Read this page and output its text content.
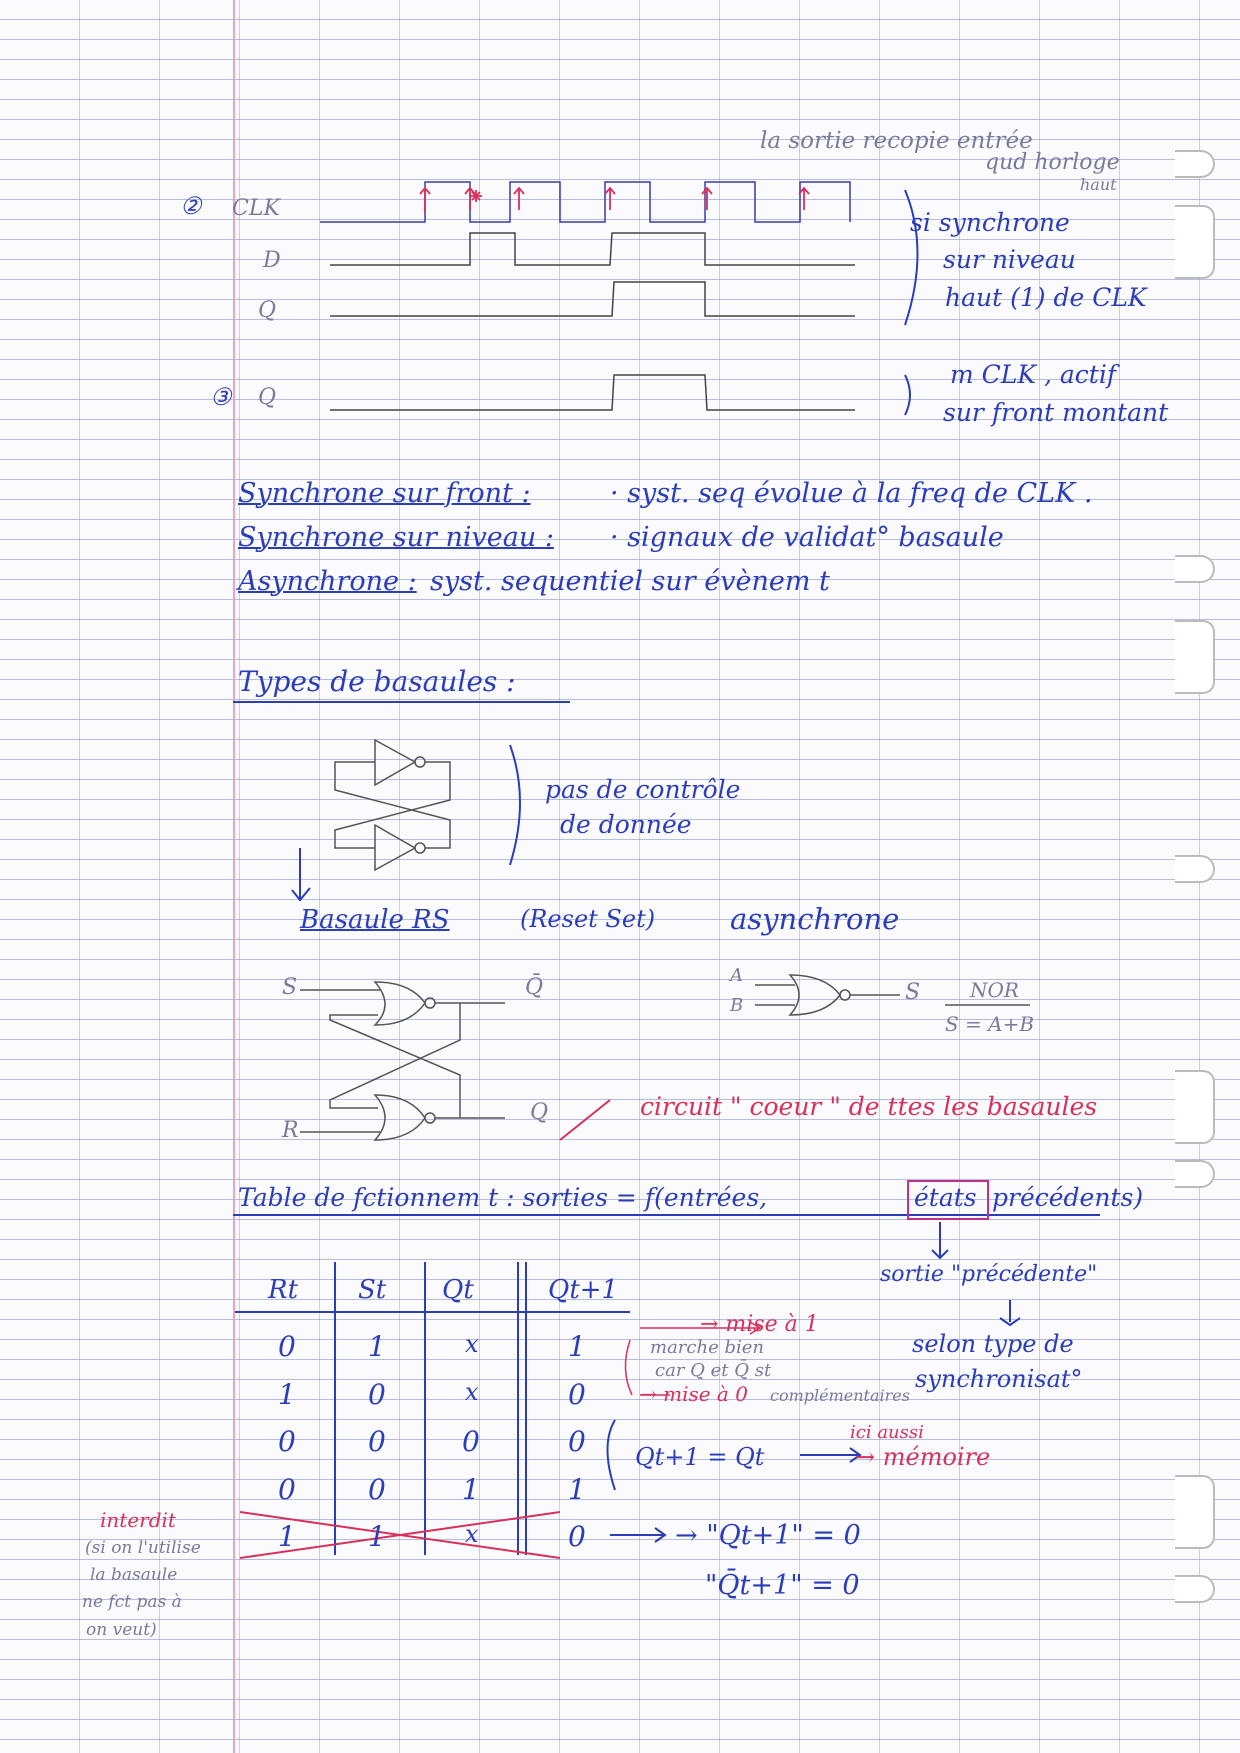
la sortie recopie entrée
qud horloge
haut
② CLK
D
Q
si synchrone
sur niveau
haut (1) de CLK
③ Q
m CLK , actif
sur front montant
Synchrone sur front :	· syst. seq évolue à la freq de CLK .
Synchrone sur niveau : · signaux de validat° basaule
Asynchrone : syst. sequentiel sur évènem t
Types de basaules :
pas de contrôle
de donnée
Basaule RS	(Reset Set)	asynchrone
S
R
Q̄
Q
A
B
S NOR
S = A+B
circuit " coeur " de ttes les basaules
Table de fctionnem t : sorties = f(entrées,	états précédents)
sortie "précédente"
selon type de
synchronisat°
Rt St Qt	Qt+1
0	1	x	1
1	0	x	0
0	0	0	0
0	0	1	1
1	1	x	0
→ mise à 1
marche bien
car Q et Q̄ st
→ mise à 0 complémentaires
Qt+1 = Qt
ici aussi
→ mémoire
→ "Qt+1" = 0
"Q̄t+1" = 0
interdit
(si on l'utilise
la basaule
ne fct pas à
on veut)
